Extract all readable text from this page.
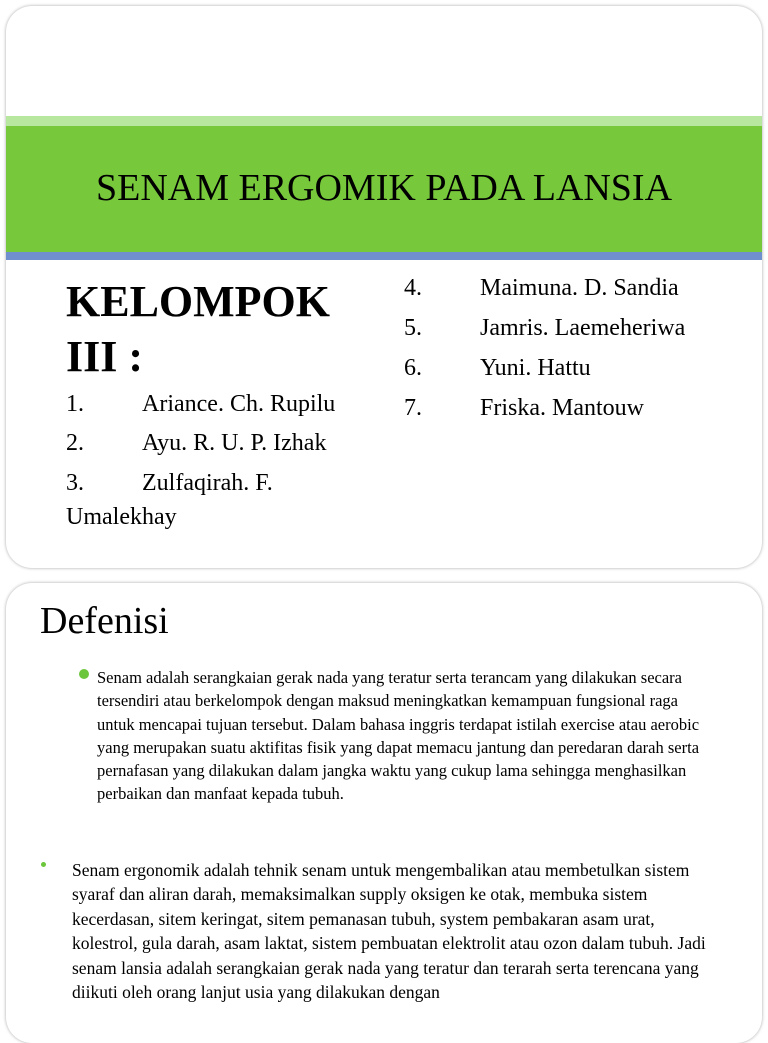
SENAM ERGOMIK PADA LANSIA
KELOMPOK III :
1. Ariance. Ch. Rupilu
2. Ayu. R. U. P. Izhak
3. Zulfaqirah. F. Umalekhay
4. Maimuna. D. Sandia
5. Jamris. Laemeheriwa
6. Yuni. Hattu
7. Friska. Mantouw
Defenisi
Senam adalah serangkaian gerak nada yang teratur serta terancam yang dilakukan secara tersendiri atau berkelompok dengan maksud meningkatkan kemampuan fungsional raga untuk mencapai tujuan tersebut. Dalam bahasa inggris terdapat istilah exercise atau aerobic yang merupakan suatu aktifitas fisik yang dapat memacu jantung dan peredaran darah serta pernafasan yang dilakukan dalam jangka waktu yang cukup lama sehingga menghasilkan perbaikan dan manfaat kepada tubuh.
Senam ergonomik adalah tehnik senam untuk mengembalikan atau membetulkan sistem syaraf dan aliran darah, memaksimalkan supply oksigen ke otak, membuka sistem kecerdasan, sitem keringat, sitem pemanasan tubuh, system pembakaran asam urat, kolestrol, gula darah, asam laktat, sistem pembuatan elektrolit atau ozon dalam tubuh. Jadi senam lansia adalah serangkaian gerak nada yang teratur dan terarah serta terencana yang diikuti oleh orang lanjut usia yang dilakukan dengan
